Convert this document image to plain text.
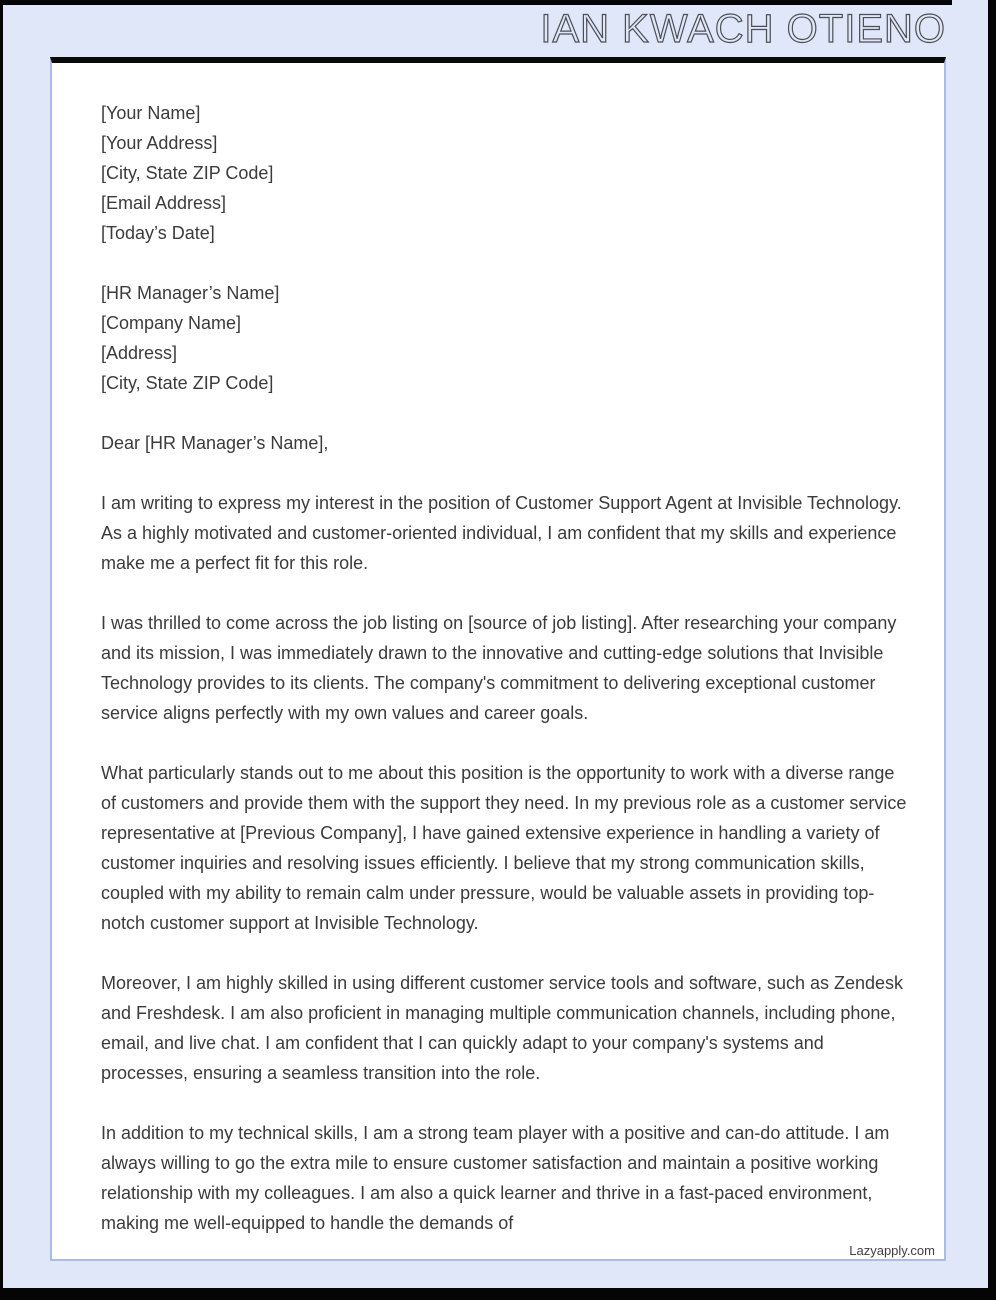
IAN KWACH OTIENO
[Your Name]
[Your Address]
[City, State ZIP Code]
[Email Address]
[Today’s Date]
[HR Manager’s Name]
[Company Name]
[Address]
[City, State ZIP Code]
Dear [HR Manager’s Name],

I am writing to express my interest in the position of Customer Support Agent at Invisible Technology. As a highly motivated and customer-oriented individual, I am confident that my skills and experience make me a perfect fit for this role.

I was thrilled to come across the job listing on [source of job listing]. After researching your company and its mission, I was immediately drawn to the innovative and cutting-edge solutions that Invisible Technology provides to its clients. The company's commitment to delivering exceptional customer service aligns perfectly with my own values and career goals.

What particularly stands out to me about this position is the opportunity to work with a diverse range of customers and provide them with the support they need. In my previous role as a customer service representative at [Previous Company], I have gained extensive experience in handling a variety of customer inquiries and resolving issues efficiently. I believe that my strong communication skills, coupled with my ability to remain calm under pressure, would be valuable assets in providing top-notch customer support at Invisible Technology.

Moreover, I am highly skilled in using different customer service tools and software, such as Zendesk and Freshdesk. I am also proficient in managing multiple communication channels, including phone, email, and live chat. I am confident that I can quickly adapt to your company's systems and processes, ensuring a seamless transition into the role.

In addition to my technical skills, I am a strong team player with a positive and can-do attitude. I am always willing to go the extra mile to ensure customer satisfaction and maintain a positive working relationship with my colleagues. I am also a quick learner and thrive in a fast-paced environment, making me well-equipped to handle the demands of

Lazyapply.com
